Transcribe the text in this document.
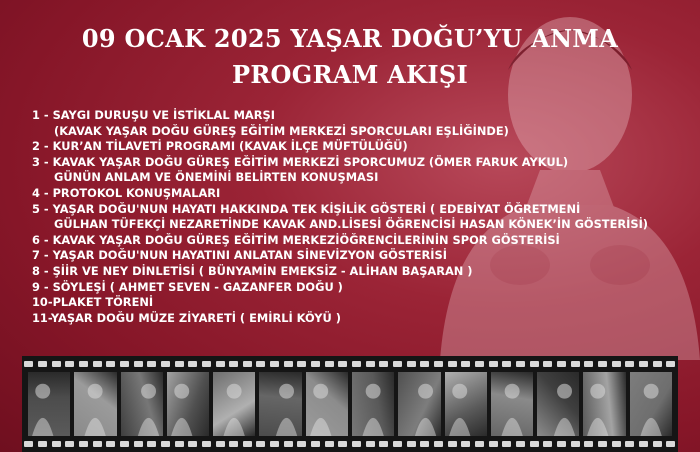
09 OCAK 2025 YAŞAR DOĞU’YU ANMA
PROGRAM AKIŞI
1 - SAYGI DURUŞU VE İSTİKLAL MARŞI
(KAVAK YAŞAR DOĞU GÜREŞ EĞİTİM MERKEZİ SPORCULARI EŞLİĞİNDE)
2 - KUR’AN TİLAVETİ PROGRAMI (KAVAK İLÇE MÜFTÜLÜĞÜ)
3 - KAVAK YAŞAR DOĞU GÜREŞ EĞİTİM MERKEZİ SPORCUMUZ (ÖMER FARUK AYKUL)
GÜNÜN ANLAM VE ÖNEMİNİ BELİRTEN KONUŞMASI
4 - PROTOKOL KONUŞMALARI
5 - YAŞAR DOĞU'NUN HAYATI HAKKINDA TEK KİŞİLİK GÖSTERİ ( EDEBİYAT ÖĞRETMENİ
GÜLHAN TÜFEKÇİ NEZARETİNDE KAVAK AND.LİSESİ ÖĞRENCİSİ HASAN KÖNEK’İN GÖSTERİSİ)
6 - KAVAK YAŞAR DOĞU GÜREŞ EĞİTİM MERKEZİÖĞRENCİLERİNİN SPOR GÖSTERİSİ
7 - YAŞAR DOĞU'NUN HAYATINI ANLATAN SİNEVİZYON GÖSTERİSİ
8 - ŞİİR VE NEY DİNLETİSİ ( BÜNYAMİN EMEKSİZ - ALİHAN BAŞARAN )
9 - SÖYLEŞİ ( AHMET SEVEN - GAZANFER DOĞU )
10-PLAKET TÖRENİ
11-YAŞAR DOĞU MÜZE ZİYARETİ ( EMİRLİ KÖYÜ )
